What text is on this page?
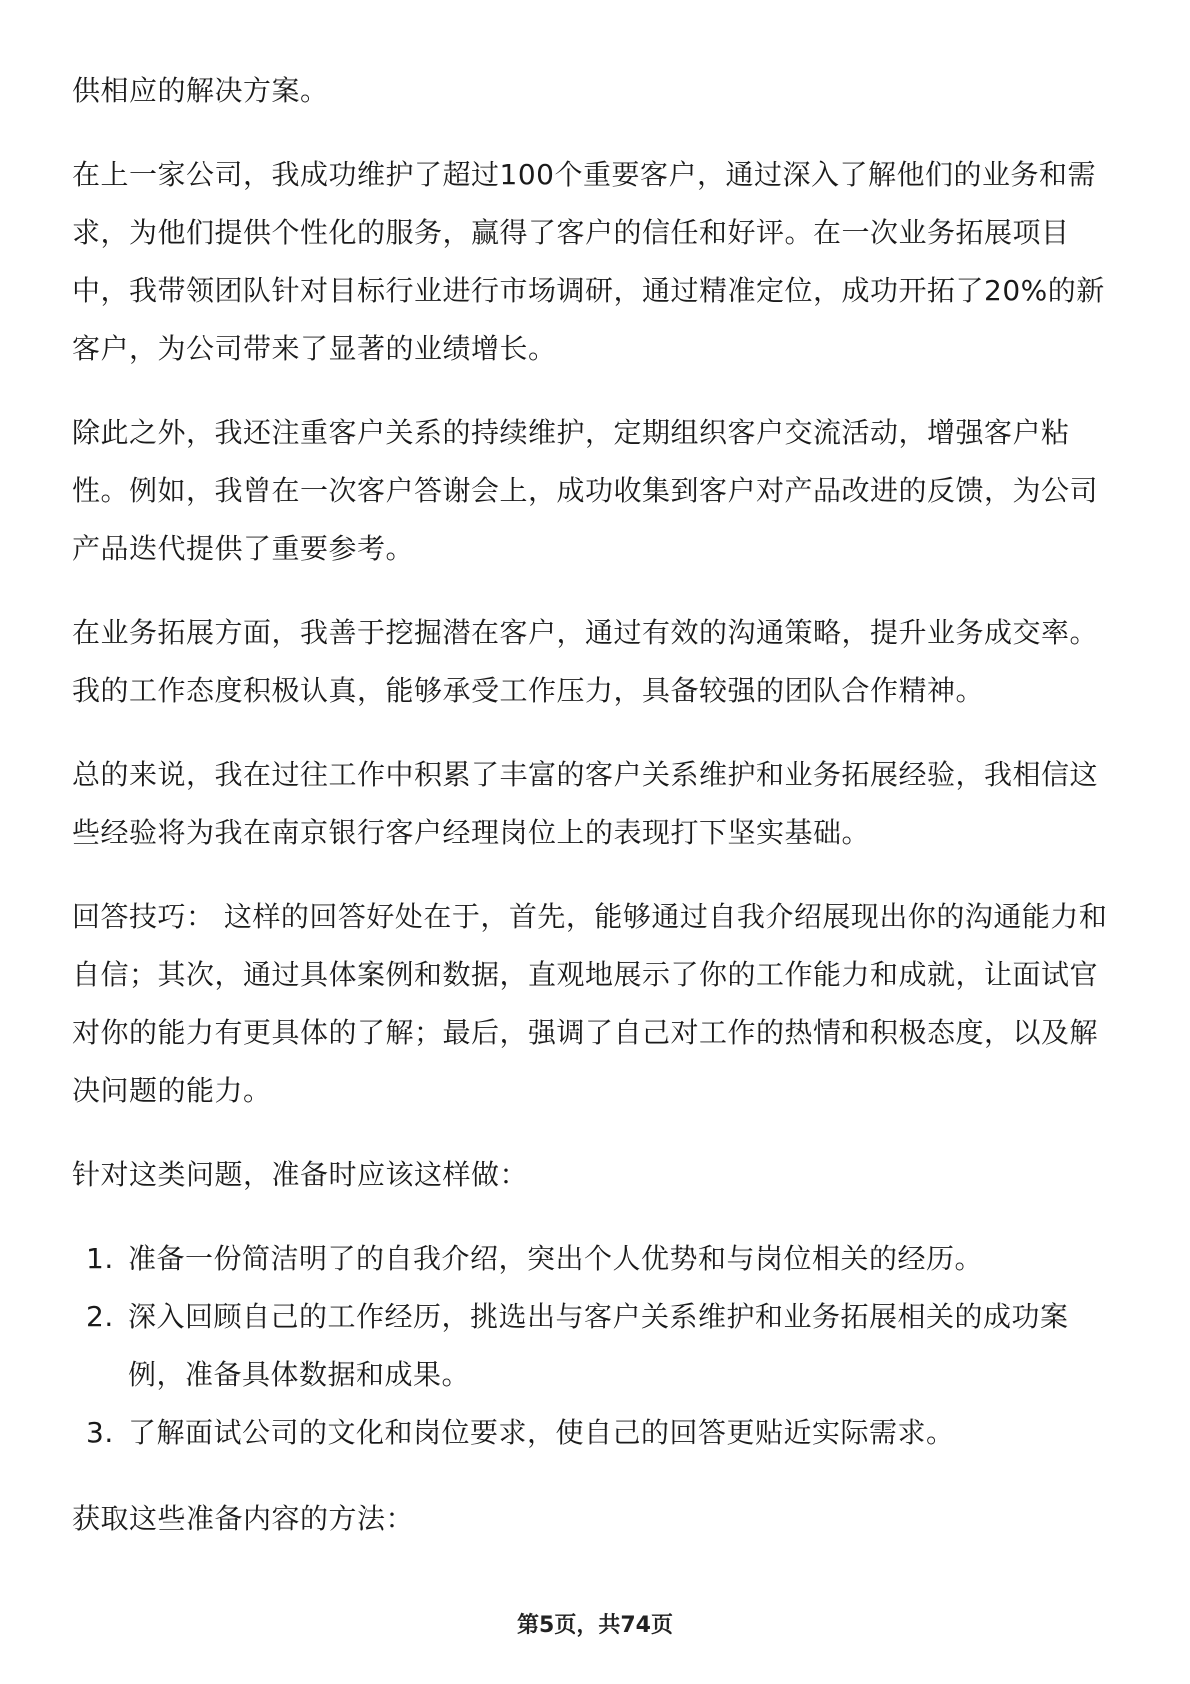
供相应的解决方案。

在上一家公司，我成功维护了超过100个重要客户，通过深入了解他们的业务和需求，为他们提供个性化的服务，赢得了客户的信任和好评。在一次业务拓展项目中，我带领团队针对目标行业进行市场调研，通过精准定位，成功开拓了20%的新客户，为公司带来了显著的业绩增长。

除此之外，我还注重客户关系的持续维护，定期组织客户交流活动，增强客户粘性。例如，我曾在一次客户答谢会上，成功收集到客户对产品改进的反馈，为公司产品迭代提供了重要参考。

在业务拓展方面，我善于挖掘潜在客户，通过有效的沟通策略，提升业务成交率。我的工作态度积极认真，能够承受工作压力，具备较强的团队合作精神。

总的来说，我在过往工作中积累了丰富的客户关系维护和业务拓展经验，我相信这些经验将为我在南京银行客户经理岗位上的表现打下坚实基础。

回答技巧： 这样的回答好处在于，首先，能够通过自我介绍展现出你的沟通能力和自信；其次，通过具体案例和数据，直观地展示了你的工作能力和成就，让面试官对你的能力有更具体的了解；最后，强调了自己对工作的热情和积极态度，以及解决问题的能力。

针对这类问题，准备时应该这样做：

1. 准备一份简洁明了的自我介绍，突出个人优势和与岗位相关的经历。
2. 深入回顾自己的工作经历，挑选出与客户关系维护和业务拓展相关的成功案例，准备具体数据和成果。
3. 了解面试公司的文化和岗位要求，使自己的回答更贴近实际需求。

获取这些准备内容的方法：

第5页，共74页
